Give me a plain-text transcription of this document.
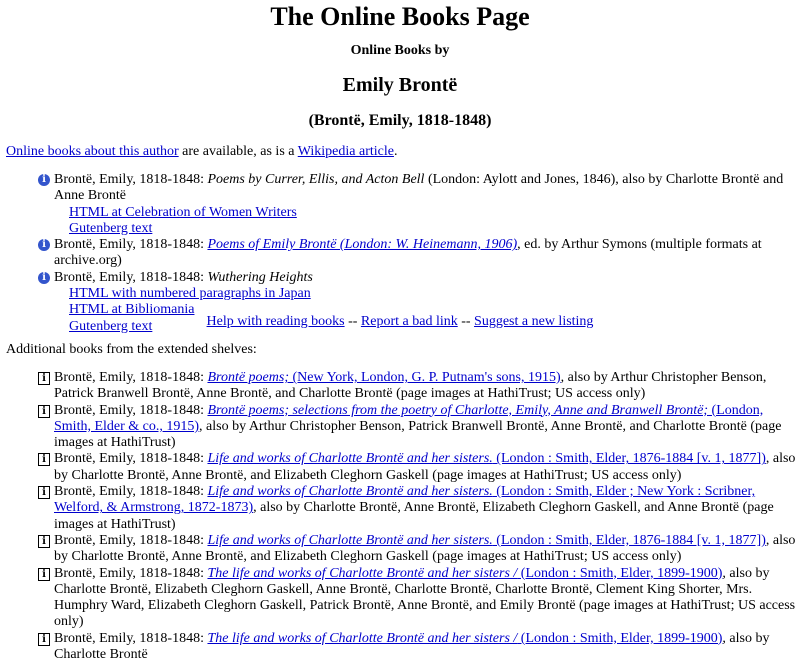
The Online Books Page
Online Books by
Emily Brontë
(Brontë, Emily, 1818-1848)
Online books about this author are available, as is a Wikipedia article.
i Brontë, Emily, 1818-1848: Poems by Currer, Ellis, and Acton Bell (London: Aylott and Jones, 1846), also by Charlotte Brontë and Anne Brontë
HTML at Celebration of Women Writers
Gutenberg text
i Brontë, Emily, 1818-1848: Poems of Emily Brontë (London: W. Heinemann, 1906), ed. by Arthur Symons (multiple formats at archive.org)
i Brontë, Emily, 1818-1848: Wuthering Heights
HTML with numbered paragraphs in Japan
HTML at Bibliomania
Gutenberg text	Help with reading books -- Report a bad link -- Suggest a new listing
Additional books from the extended shelves:
i Brontë, Emily, 1818-1848: Brontë poems; (New York, London, G. P. Putnam's sons, 1915), also by Arthur Christopher Benson, Patrick Branwell Brontë, Anne Brontë, and Charlotte Brontë (page images at HathiTrust; US access only)
i Brontë, Emily, 1818-1848: Brontë poems; selections from the poetry of Charlotte, Emily, Anne and Branwell Brontë; (London, Smith, Elder & co., 1915), also by Arthur Christopher Benson, Patrick Branwell Brontë, Anne Brontë, and Charlotte Brontë (page images at HathiTrust)
i Brontë, Emily, 1818-1848: Life and works of Charlotte Brontë and her sisters. (London : Smith, Elder, 1876-1884 [v. 1, 1877]), also by Charlotte Brontë, Anne Brontë, and Elizabeth Cleghorn Gaskell (page images at HathiTrust; US access only)
i Brontë, Emily, 1818-1848: Life and works of Charlotte Brontë and her sisters. (London : Smith, Elder ; New York : Scribner, Welford, & Armstrong, 1872-1873), also by Charlotte Brontë, Anne Brontë, Elizabeth Cleghorn Gaskell, and Anne Brontë (page images at HathiTrust)
i Brontë, Emily, 1818-1848: Life and works of Charlotte Brontë and her sisters. (London : Smith, Elder, 1876-1884 [v. 1, 1877]), also by Charlotte Brontë, Anne Brontë, and Elizabeth Cleghorn Gaskell (page images at HathiTrust; US access only)
i Brontë, Emily, 1818-1848: The life and works of Charlotte Brontë and her sisters / (London : Smith, Elder, 1899-1900), also by Charlotte Brontë, Elizabeth Cleghorn Gaskell, Anne Brontë, Charlotte Brontë, Charlotte Brontë, Clement King Shorter, Mrs. Humphry Ward, Elizabeth Cleghorn Gaskell, Patrick Brontë, Anne Brontë, and Emily Brontë (page images at HathiTrust; US access only)
i Brontë, Emily, 1818-1848: The life and works of Charlotte Brontë and her sisters / (London : Smith, Elder, 1899-1900), also by Charlotte Brontë
